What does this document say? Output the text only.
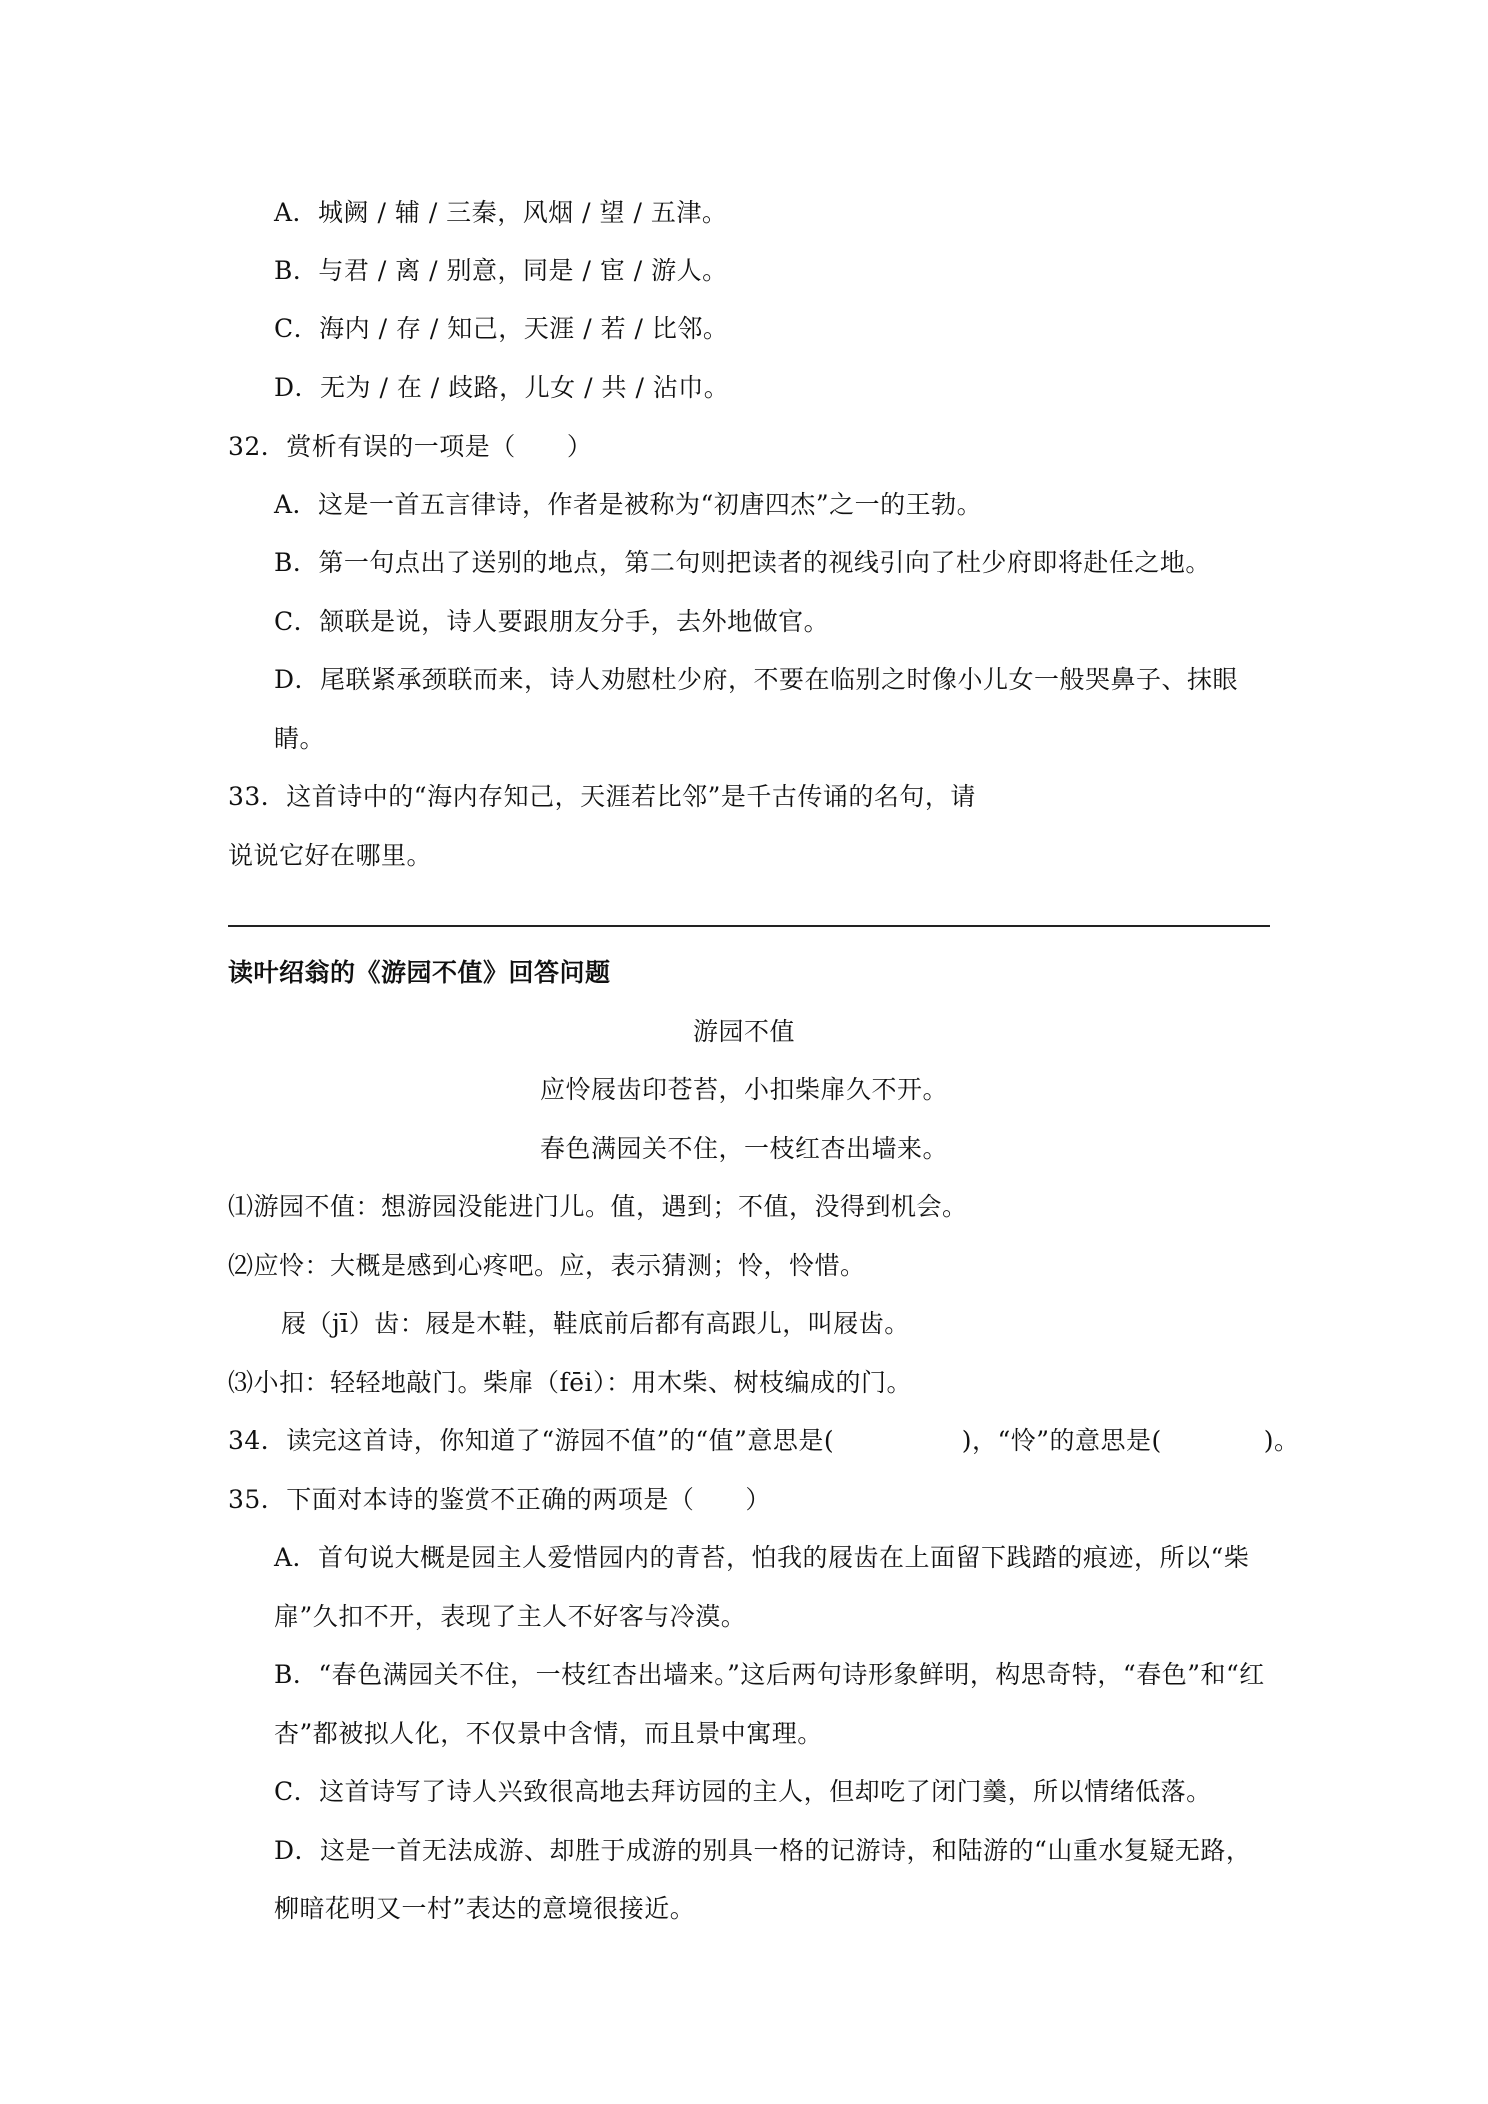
A．城阙 / 辅 / 三秦，风烟 / 望 / 五津。
B．与君 / 离 / 别意，同是 / 宦 / 游人。
C．海内 / 存 / 知己，天涯 / 若 / 比邻。
D．无为 / 在 / 歧路，儿女 / 共 / 沾巾。
32．赏析有误的一项是（　　）
A．这是一首五言律诗，作者是被称为“初唐四杰”之一的王勃。
B．第一句点出了送别的地点，第二句则把读者的视线引向了杜少府即将赴任之地。
C．颔联是说，诗人要跟朋友分手，去外地做官。
D．尾联紧承颈联而来，诗人劝慰杜少府，不要在临别之时像小儿女一般哭鼻子、抹眼
睛。
33．这首诗中的“海内存知己，天涯若比邻”是千古传诵的名句，请
说说它好在哪里。
读叶绍翁的《游园不值》回答问题
游园不值
应怜屐齿印苍苔，小扣柴扉久不开。
春色满园关不住，一枝红杏出墙来。
⑴游园不值：想游园没能进门儿。值，遇到；不值，没得到机会。
⑵应怜：大概是感到心疼吧。应，表示猜测；怜，怜惜。
屐（jī）齿：屐是木鞋，鞋底前后都有高跟儿，叫屐齿。
⑶小扣：轻轻地敲门。柴扉（fēi）：用木柴、树枝编成的门。
34．读完这首诗，你知道了“游园不值”的“值”意思是(　　　　　)，“怜”的意思是(　　　　)。
35．下面对本诗的鉴赏不正确的两项是（　　）
A．首句说大概是园主人爱惜园内的青苔，怕我的屐齿在上面留下践踏的痕迹，所以“柴
扉”久扣不开，表现了主人不好客与冷漠。
B．“春色满园关不住，一枝红杏出墙来。”这后两句诗形象鲜明，构思奇特，“春色”和“红
杏”都被拟人化，不仅景中含情，而且景中寓理。
C．这首诗写了诗人兴致很高地去拜访园的主人，但却吃了闭门羹，所以情绪低落。
D．这是一首无法成游、却胜于成游的别具一格的记游诗，和陆游的“山重水复疑无路，
柳暗花明又一村”表达的意境很接近。
